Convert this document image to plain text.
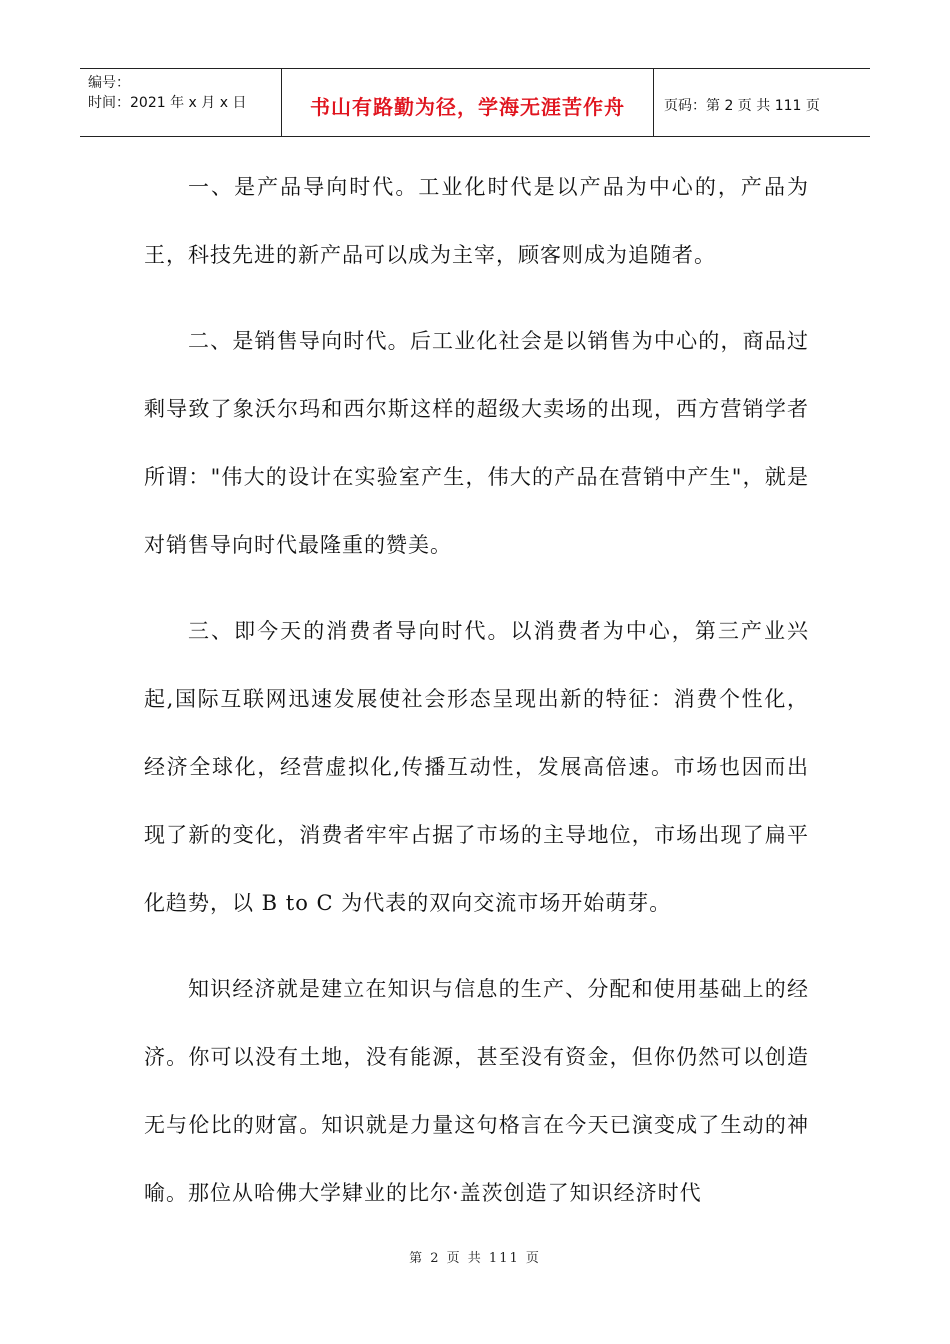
编号：
时间：2021 年 x 月 x 日	书山有路勤为径，学海无涯苦作舟	页码：第 2 页 共 111 页

一、是产品导向时代。工业化时代是以产品为中心的，产品为王，科技先进的新产品可以成为主宰，顾客则成为追随者。

二、是销售导向时代。后工业化社会是以销售为中心的，商品过剩导致了象沃尔玛和西尔斯这样的超级大卖场的出现，西方营销学者所谓："伟大的设计在实验室产生，伟大的产品在营销中产生"，就是对销售导向时代最隆重的赞美。

三、即今天的消费者导向时代。以消费者为中心，第三产业兴起,国际互联网迅速发展使社会形态呈现出新的特征：消费个性化，经济全球化，经营虚拟化,传播互动性，发展高倍速。市场也因而出现了新的变化，消费者牢牢占据了市场的主导地位，市场出现了扁平化趋势，以 B to C 为代表的双向交流市场开始萌芽。

知识经济就是建立在知识与信息的生产、分配和使用基础上的经济。你可以没有土地，没有能源，甚至没有资金，但你仍然可以创造无与伦比的财富。知识就是力量这句格言在今天已演变成了生动的神喻。那位从哈佛大学肄业的比尔·盖茨创造了知识经济时代

第 2 页 共 111 页
